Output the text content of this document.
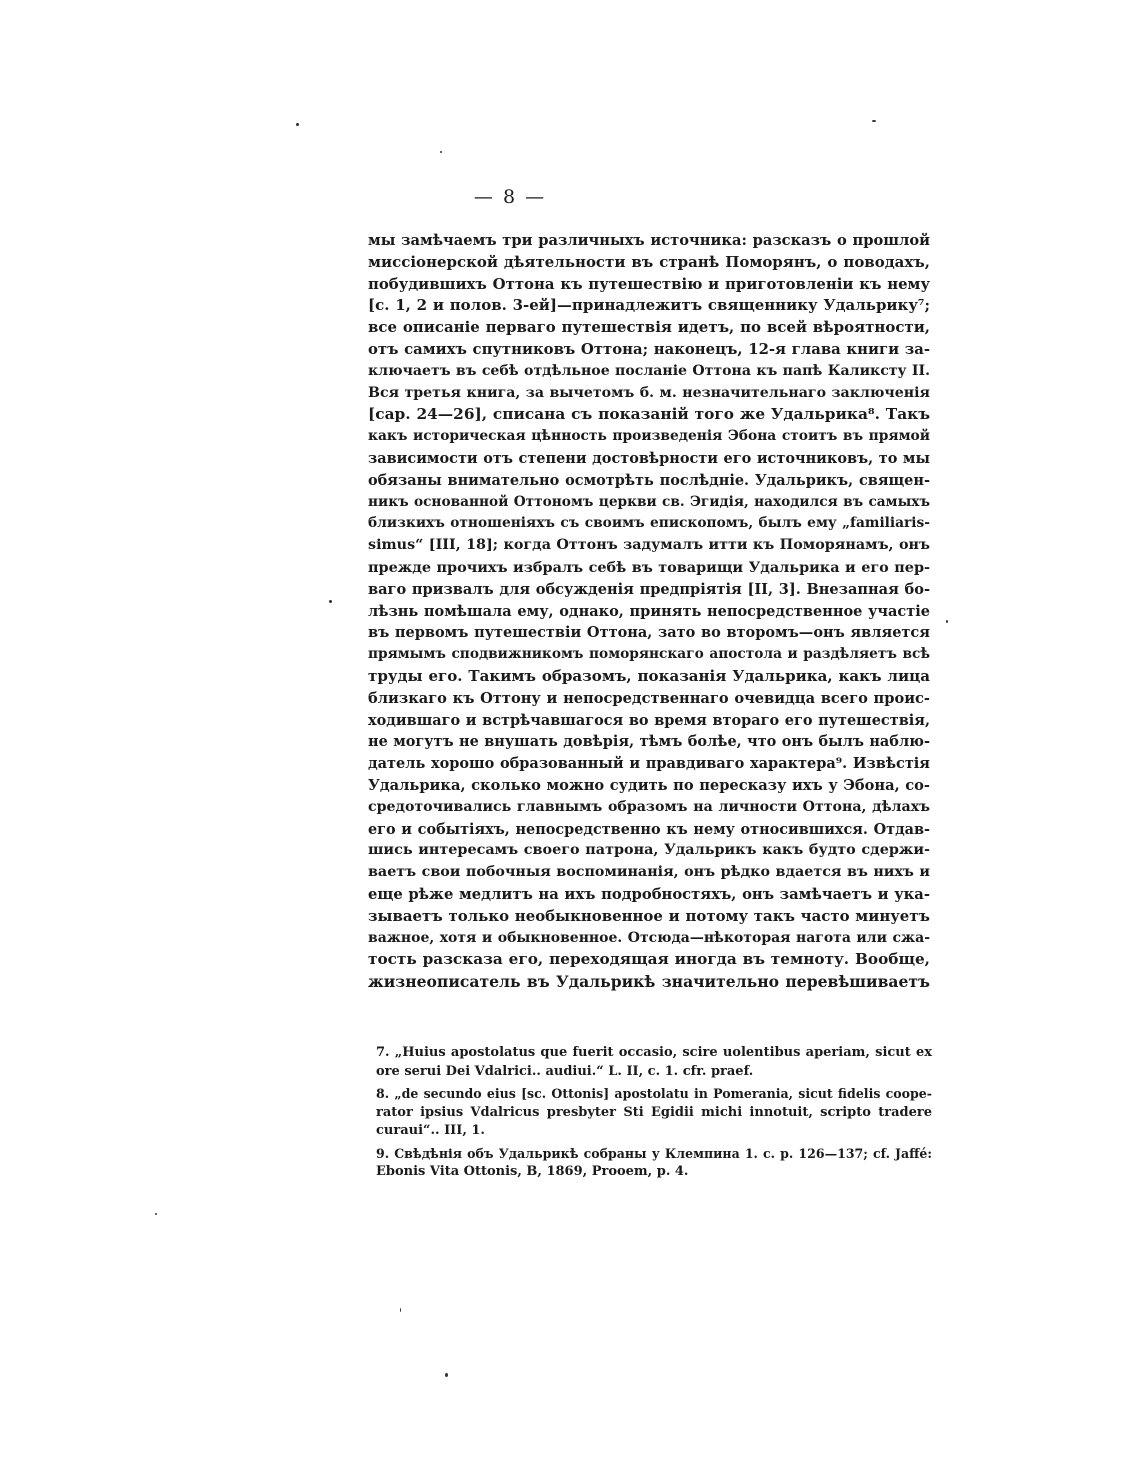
— 8 —
мы замѣчаемъ три различныхъ источника: разсказъ о прошлой
миссіонерской дѣятельности въ странѣ Поморянъ, о поводахъ,
побудившихъ Оттона къ путешествію и приготовленіи къ нему
[с. 1, 2 и полов. 3-ей]—принадлежитъ священнику Удальрику⁷;
все описаніе перваго путешествія идетъ, по всей вѣроятности,
отъ самихъ спутниковъ Оттона; наконецъ, 12-я глава книги за-
ключаетъ въ себѣ отдѣльное посланіе Оттона къ папѣ Каликсту II.
Вся третья книга, за вычетомъ б. м. незначительнаго заключенія
[сар. 24—26], списана съ показаній того же Удальрика⁸. Такъ
какъ историческая цѣнность произведенія Эбона стоитъ въ прямой
зависимости отъ степени достовѣрности его источниковъ, то мы
обязаны внимательно осмотрѣть послѣдніе. Удальрикъ, священ-
никъ основанной Оттономъ церкви св. Эгидія, находился въ самыхъ
близкихъ отношеніяхъ съ своимъ епископомъ, былъ ему „familiaris-
simus“ [III, 18]; когда Оттонъ задумалъ итти къ Поморянамъ, онъ
прежде прочихъ избралъ себѣ въ товарищи Удальрика и его пер-
ваго призвалъ для обсужденія предпріятія [II, 3]. Внезапная бо-
лѣзнь помѣшала ему, однако, принять непосредственное участіе
въ первомъ путешествіи Оттона, зато во второмъ—онъ является
прямымъ сподвижникомъ поморянскаго апостола и раздѣляетъ всѣ
труды его. Такимъ образомъ, показанія Удальрика, какъ лица
близкаго къ Оттону и непосредственнаго очевидца всего проис-
ходившаго и встрѣчавшагося во время втораго его путешествія,
не могутъ не внушать довѣрія, тѣмъ болѣе, что онъ былъ наблю-
датель хорошо образованный и правдиваго характера⁹. Извѣстія
Удальрика, сколько можно судить по пересказу ихъ у Эбона, со-
средоточивались главнымъ образомъ на личности Оттона, дѣлахъ
его и событіяхъ, непосредственно къ нему относившихся. Отдав-
шись интересамъ своего патрона, Удальрикъ какъ будто сдержи-
ваетъ свои побочныя воспоминанія, онъ рѣдко вдается въ нихъ и
еще рѣже медлитъ на ихъ подробностяхъ, онъ замѣчаетъ и ука-
зываетъ только необыкновенное и потому такъ часто минуетъ
важное, хотя и обыкновенное. Отсюда—нѣкоторая нагота или сжа-
тость разсказа его, переходящая иногда въ темноту. Вообще,
жизнеописатель въ Удальрикѣ значительно перевѣшиваетъ
7. „Huius apostolatus que fuerit occasio, scire uolentibus aperiam, sicut ex
ore serui Dei Vdalrici.. audiui.“ L. II, c. 1. cfr. praef.
8. „de secundo eius [sc. Ottonis] apostolatu in Pomerania, sicut fidelis coope-
rator ipsius Vdalricus presbyter Sti Egidii michi innotuit, scripto tradere
curaui“.. III, 1.
9. Свѣдѣнія объ Удальрикѣ собраны у Клемпина 1. с. р. 126—137; cf. Jaffé:
Ebonis Vita Ottonis, B, 1869, Prooem, p. 4.
